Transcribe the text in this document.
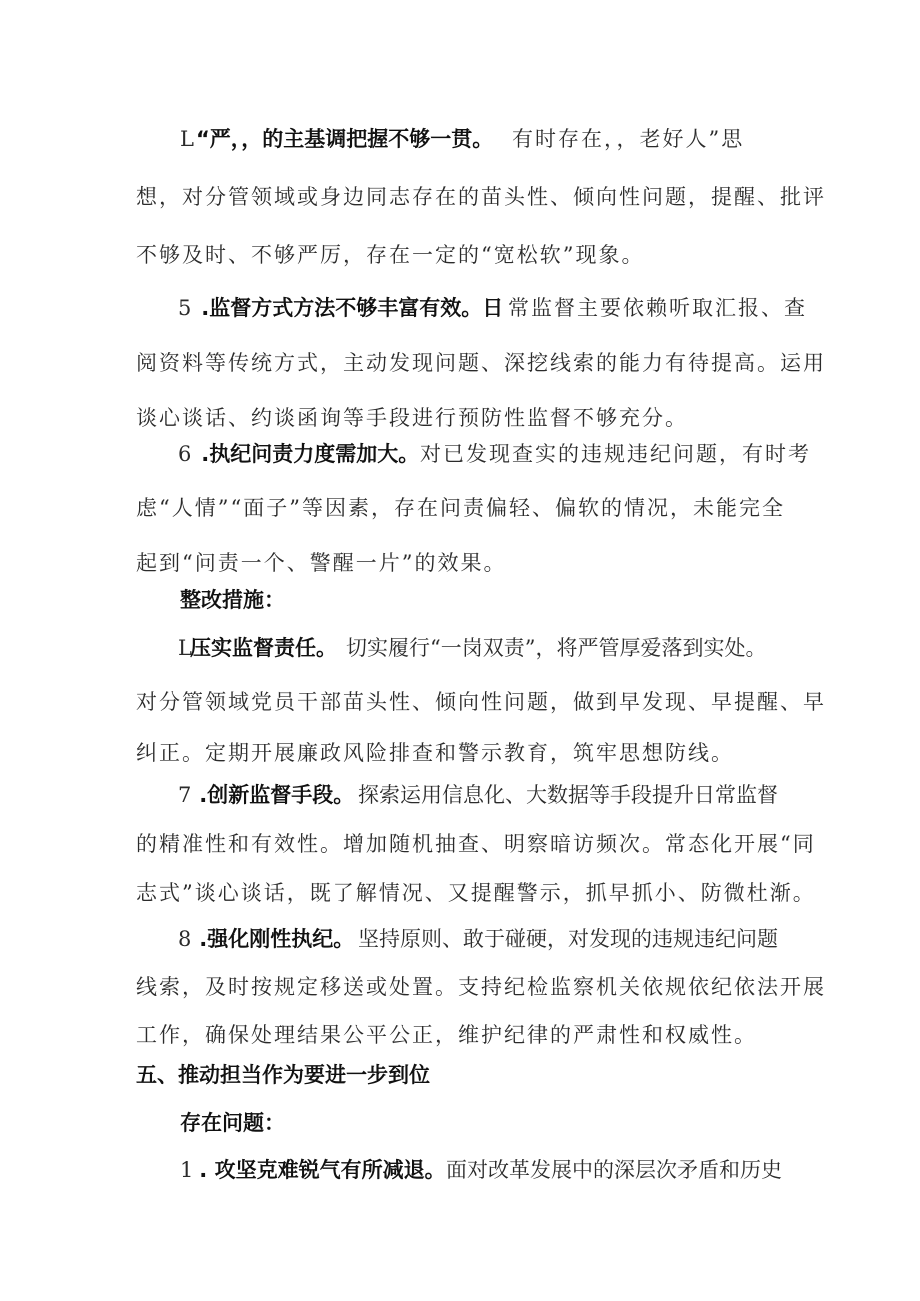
L “严，，的主基调把握不够一贯。 有时存在，，老好人”思
想，对分管领域或身边同志存在的苗头性、倾向性问题，提醒、批评
不够及时、不够严厉，存在一定的“宽松软”现象。
5 .监督方式方法不够丰富有效。日 常监督主要依赖听取汇报、查
阅资料等传统方式，主动发现问题、深挖线索的能力有待提高。运用
谈心谈话、约谈函询等手段进行预防性监督不够充分。
6 .执纪问责力度需加大。 对已发现查实的违规违纪问题，有时考
虑“人情”“面子”等因素，存在问责偏轻、偏软的情况，未能完全
起到“问责一个、警醒一片”的效果。
整改措施：
L
压实监督责任。 切实履行“一岗双责”，将严管厚爱落到实处。
对分管领域党员干部苗头性、倾向性问题，做到早发现、早提醒、早
纠正。定期开展廉政风险排查和警示教育，筑牢思想防线。
7 .创新监督手段。 探索运用信息化、大数据等手段提升日常监督
的精准性和有效性。增加随机抽查、明察暗访频次。常态化开展“同
志式”谈心谈话，既了解情况、又提醒警示，抓早抓小、防微杜渐。
8 .强化刚性执纪。 坚持原则、敢于碰硬，对发现的违规违纪问题
线索，及时按规定移送或处置。支持纪检监察机关依规依纪依法开展
工作，确保处理结果公平公正，维护纪律的严肃性和权威性。
五、推动担当作为要进一步到位
存在问题：
1
. 攻坚克难锐气有所减退。 面对改革发展中的深层次矛盾和历史
